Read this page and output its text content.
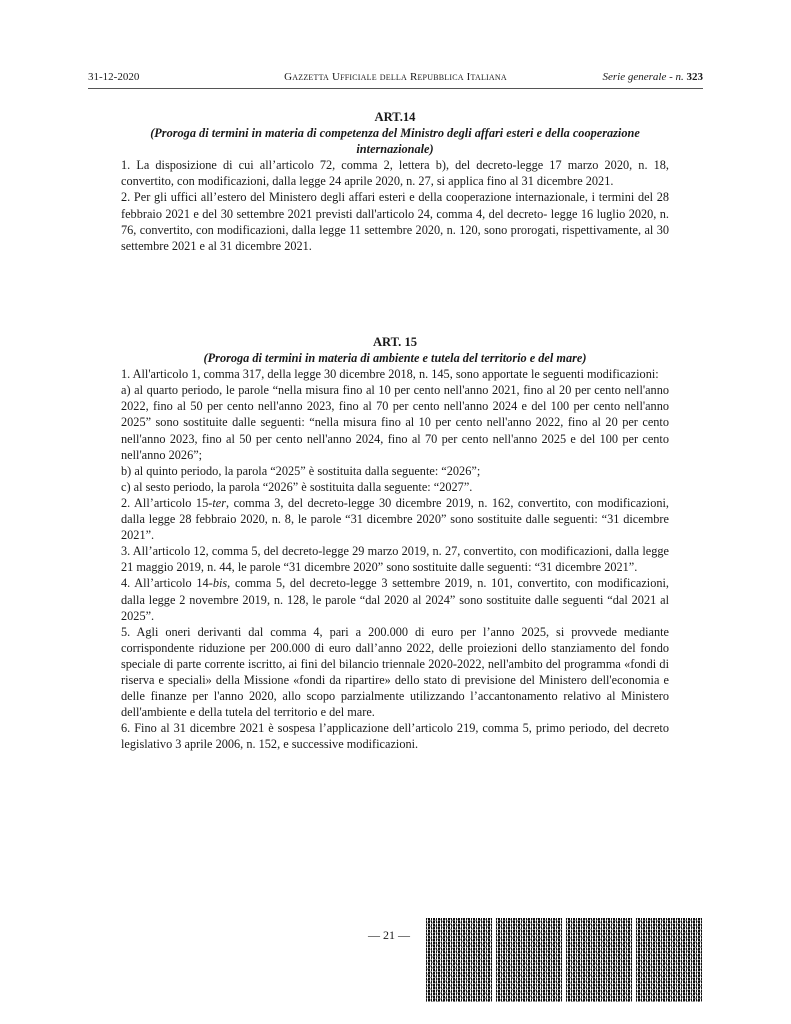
31-12-2020	Gazzetta Ufficiale della Repubblica Italiana	Serie generale - n. 323
ART.14
(Proroga di termini in materia di competenza del Ministro degli affari esteri e della cooperazione internazionale)

1. La disposizione di cui all’articolo 72, comma 2, lettera b), del decreto-legge 17 marzo 2020, n. 18, convertito, con modificazioni, dalla legge 24 aprile 2020, n. 27, si applica fino al 31 dicembre 2021.

2. Per gli uffici all’estero del Ministero degli affari esteri e della cooperazione internazionale, i termini del 28 febbraio 2021 e del 30 settembre 2021 previsti dall'articolo 24, comma 4, del decreto- legge 16 luglio 2020, n. 76, convertito, con modificazioni, dalla legge 11 settembre 2020, n. 120, sono prorogati, rispettivamente, al 30 settembre 2021 e al 31 dicembre 2021.

ART. 15
(Proroga di termini in materia di ambiente e tutela del territorio e del mare)

1. All'articolo 1, comma 317, della legge 30 dicembre 2018, n. 145, sono apportate le seguenti modificazioni:

a) al quarto periodo, le parole “nella misura fino al 10 per cento nell'anno 2021, fino al 20 per cento nell'anno 2022, fino al 50 per cento nell'anno 2023, fino al 70 per cento nell'anno 2024 e del 100 per cento nell'anno 2025” sono sostituite dalle seguenti: “nella misura fino al 10 per cento nell'anno 2022, fino al 20 per cento nell'anno 2023, fino al 50 per cento nell'anno 2024, fino al 70 per cento nell'anno 2025 e del 100 per cento nell'anno 2026”;

b) al quinto periodo, la parola “2025” è sostituita dalla seguente: “2026”;

c) al sesto periodo, la parola “2026” è sostituita dalla seguente: “2027”.

2. All’articolo 15-ter, comma 3, del decreto-legge 30 dicembre 2019, n. 162, convertito, con modificazioni, dalla legge 28 febbraio 2020, n. 8, le parole “31 dicembre 2020” sono sostituite dalle seguenti: “31 dicembre 2021”.

3. All’articolo 12, comma 5, del decreto-legge 29 marzo 2019, n. 27, convertito, con modificazioni, dalla legge 21 maggio 2019, n. 44, le parole “31 dicembre 2020” sono sostituite dalle seguenti: “31 dicembre 2021”.

4. All’articolo 14-bis, comma 5, del decreto-legge 3 settembre 2019, n. 101, convertito, con modificazioni, dalla legge 2 novembre 2019, n. 128, le parole “dal 2020 al 2024” sono sostituite dalle seguenti “dal 2021 al 2025”.

5. Agli oneri derivanti dal comma 4, pari a 200.000 di euro per l’anno 2025, si provvede mediante corrispondente riduzione per 200.000 di euro dall’anno 2022, delle proiezioni dello stanziamento del fondo speciale di parte corrente iscritto, ai fini del bilancio triennale 2020-2022, nell'ambito del programma «fondi di riserva e speciali» della Missione «fondi da ripartire» dello stato di previsione del Ministero dell'economia e delle finanze per l'anno 2020, allo scopo parzialmente utilizzando l’accantonamento relativo al Ministero dell'ambiente e della tutela del territorio e del mare.

6. Fino al 31 dicembre 2021 è sospesa l’applicazione dell’articolo 219, comma 5, primo periodo, del decreto legislativo 3 aprile 2006, n. 152, e successive modificazioni.

— 21 —
